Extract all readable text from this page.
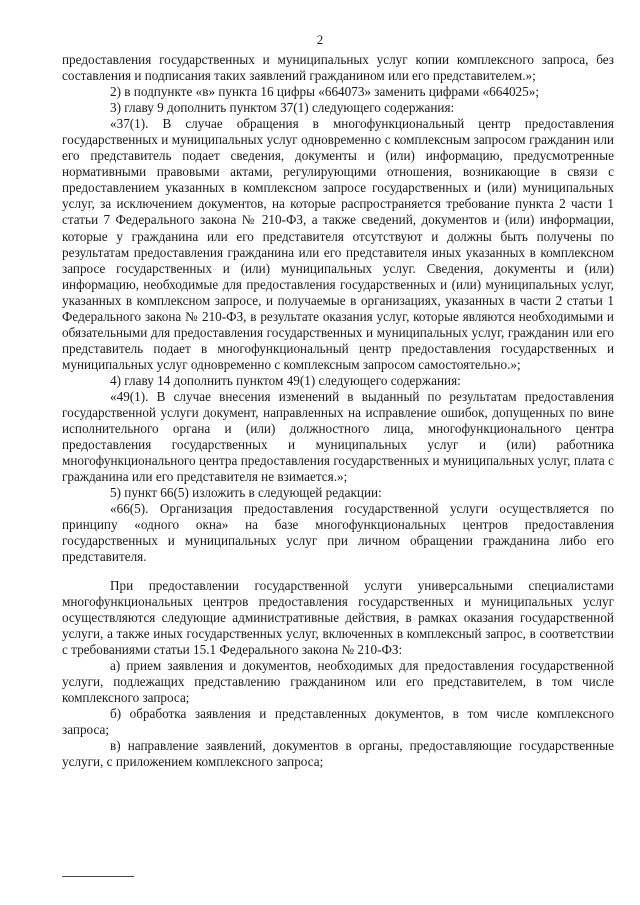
2

предоставления государственных и муниципальных услуг копии комплексного запроса, без составления и подписания таких заявлений гражданином или его представителем.»;

2) в подпункте «в» пункта 16 цифры «664073» заменить цифрами «664025»;

3) главу 9 дополнить пунктом 37(1) следующего содержания:

«37(1). В случае обращения в многофункциональный центр предоставления государственных и муниципальных услуг одновременно с комплексным запросом гражданин или его представитель подает сведения, документы и (или) информацию, предусмотренные нормативными правовыми актами, регулирующими отношения, возникающие в связи с предоставлением указанных в комплексном запросе государственных и (или) муниципальных услуг, за исключением документов, на которые распространяется требование пункта 2 части 1 статьи 7 Федерального закона № 210-ФЗ, а также сведений, документов и (или) информации, которые у гражданина или его представителя отсутствуют и должны быть получены по результатам предоставления гражданина или его представителя иных указанных в комплексном запросе государственных и (или) муниципальных услуг. Сведения, документы и (или) информацию, необходимые для предоставления государственных и (или) муниципальных услуг, указанных в комплексном запросе, и получаемые в организациях, указанных в части 2 статьи 1 Федерального закона № 210-ФЗ, в результате оказания услуг, которые являются необходимыми и обязательными для предоставления государственных и муниципальных услуг, гражданин или его представитель подает в многофункциональный центр предоставления государственных и муниципальных услуг одновременно с комплексным запросом самостоятельно.»;

4) главу 14 дополнить пунктом 49(1) следующего содержания:

«49(1). В случае внесения изменений в выданный по результатам предоставления государственной услуги документ, направленных на исправление ошибок, допущенных по вине исполнительного органа и (или) должностного лица, многофункционального центра предоставления государственных и муниципальных услуг и (или) работника многофункционального центра предоставления государственных и муниципальных услуг, плата с гражданина или его представителя не взимается.»;

5) пункт 66(5) изложить в следующей редакции:

«66(5). Организация предоставления государственной услуги осуществляется по принципу «одного окна» на базе многофункциональных центров предоставления государственных и муниципальных услуг при личном обращении гражданина либо его представителя.

При предоставлении государственной услуги универсальными специалистами многофункциональных центров предоставления государственных и муниципальных услуг осуществляются следующие административные действия, в рамках оказания государственной услуги, а также иных государственных услуг, включенных в комплексный запрос, в соответствии с требованиями статьи 15.1 Федерального закона № 210-ФЗ:

а) прием заявления и документов, необходимых для предоставления государственной услуги, подлежащих представлению гражданином или его представителем, в том числе комплексного запроса;

б) обработка заявления и представленных документов, в том числе комплексного запроса;

в) направление заявлений, документов в органы, предоставляющие государственные услуги, с приложением комплексного запроса;
